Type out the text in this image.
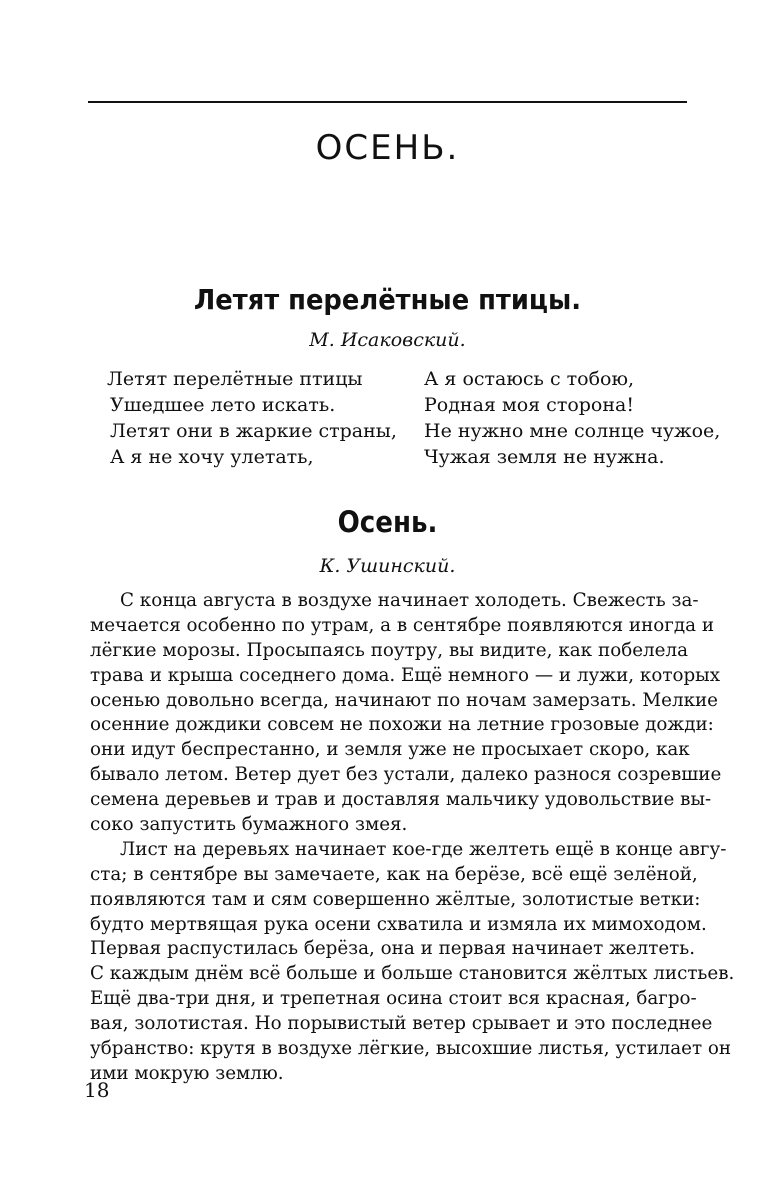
ОСЕНЬ.
Летят перелётные птицы.
М. Исаковский.
Летят перелётные птицы
Ушедшее лето искать.
Летят они в жаркие страны,
А я не хочу улетать,
А я остаюсь с тобою,
Родная моя сторона!
Не нужно мне солнце чужое,
Чужая земля не нужна.
Осень.
К. Ушинский.
С конца августа в воздухе начинает холодеть. Свежесть за-
мечается особенно по утрам, а в сентябре появляются иногда и
лёгкие морозы. Просыпаясь поутру, вы видите, как побелела
трава и крыша соседнего дома. Ещё немного — и лужи, которых
осенью довольно всегда, начинают по ночам замерзать. Мелкие
осенние дождики совсем не похожи на летние грозовые дожди:
они идут беспрестанно, и земля уже не просыхает скоро, как
бывало летом. Ветер дует без устали, далеко разнося созревшие
семена деревьев и трав и доставляя мальчику удовольствие вы-
соко запустить бумажного змея.
Лист на деревьях начинает кое-где желтеть ещё в конце авгу-
ста; в сентябре вы замечаете, как на берёзе, всё ещё зелёной,
появляются там и сям совершенно жёлтые, золотистые ветки:
будто мертвящая рука осени схватила и измяла их мимоходом.
Первая распустилась берёза, она и первая начинает желтеть.
С каждым днём всё больше и больше становится жёлтых листьев.
Ещё два-три дня, и трепетная осина стоит вся красная, багро-
вая, золотистая. Но порывистый ветер срывает и это последнее
убранство: крутя в воздухе лёгкие, высохшие листья, устилает он
ими мокрую землю.
18
